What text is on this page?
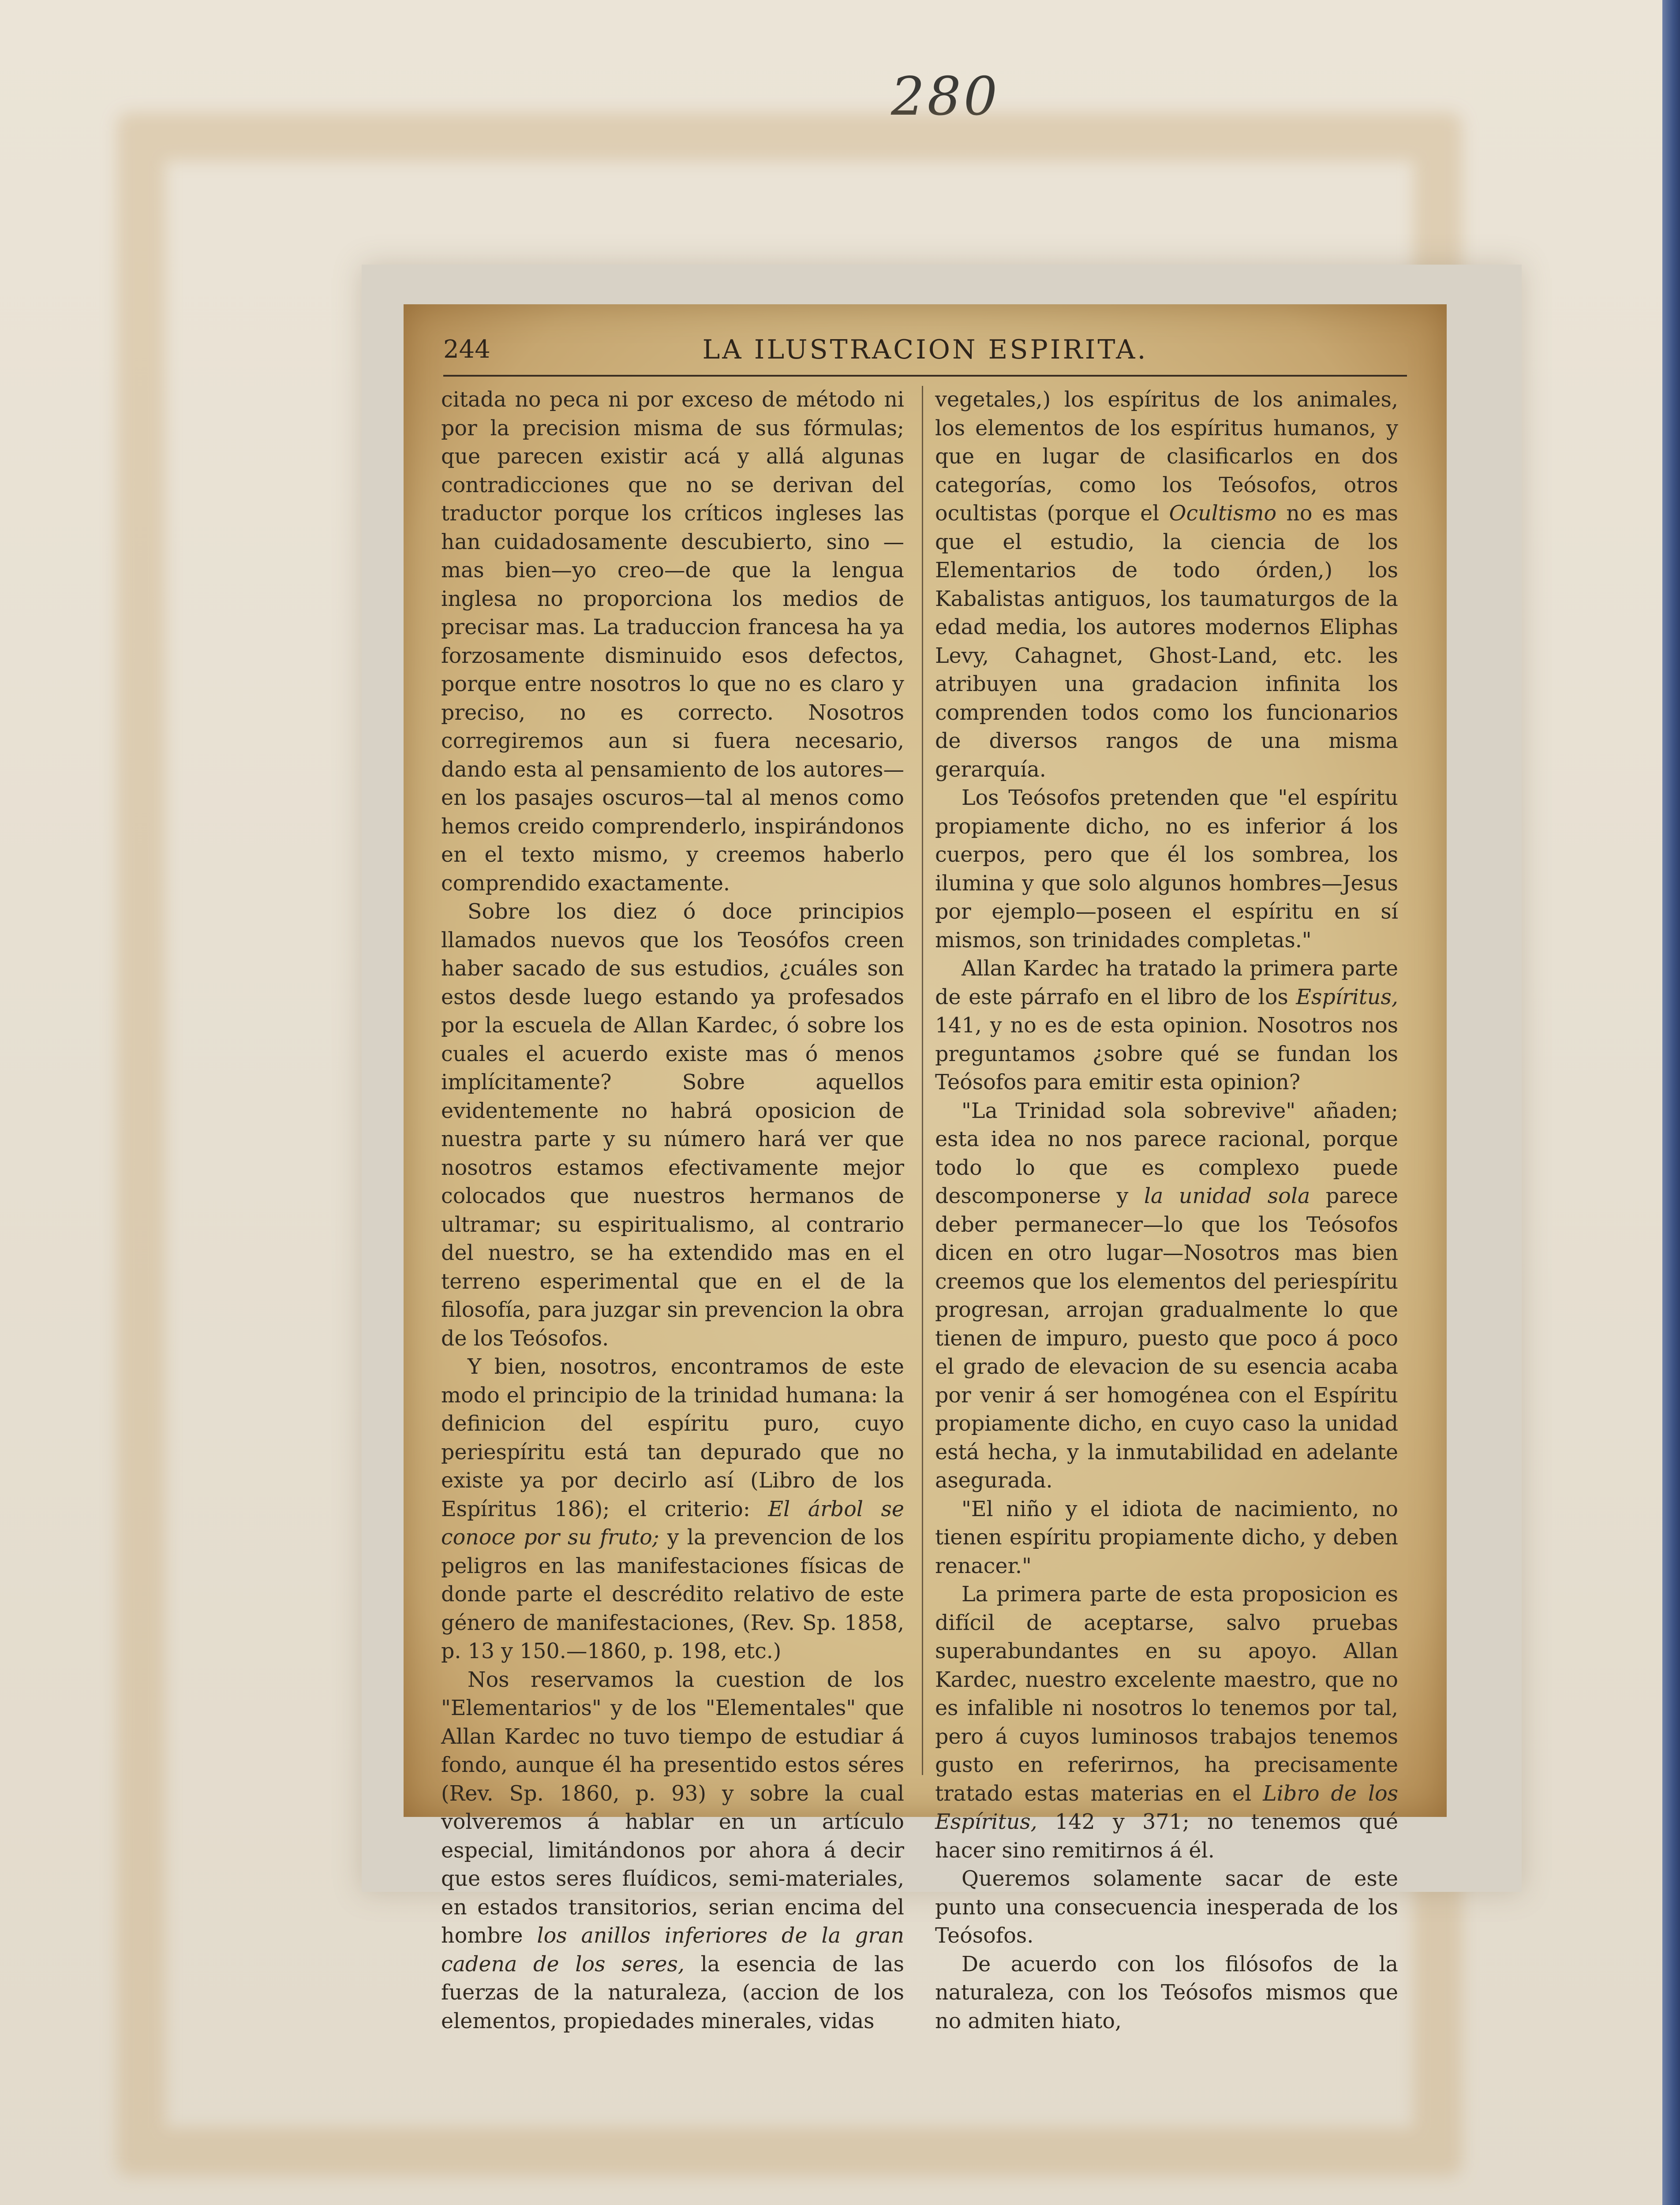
280
244	LA ILUSTRACION ESPIRITA.

citada no peca ni por exceso de método ni por la precision misma de sus fórmulas; que parecen existir acá y allá algunas contradicciones que no se derivan del traductor porque los críticos ingleses las han cuidadosamente descubierto, sino —mas bien—yo creo—de que la lengua inglesa no proporciona los medios de precisar mas. La traduccion francesa ha ya forzosamente disminuido esos defectos, porque entre nosotros lo que no es claro y preciso, no es correcto. Nosotros corregiremos aun si fuera necesario, dando esta al pensamiento de los autores—en los pasajes oscuros—tal al menos como hemos creido comprenderlo, inspirándonos en el texto mismo, y creemos haberlo comprendido exactamente.

Sobre los diez ó doce principios llamados nuevos que los Teosófos creen haber sacado de sus estudios, ¿cuáles son estos desde luego estando ya profesados por la escuela de Allan Kardec, ó sobre los cuales el acuerdo existe mas ó menos implícitamente? Sobre aquellos evidentemente no habrá oposicion de nuestra parte y su número hará ver que nosotros estamos efectivamente mejor colocados que nuestros hermanos de ultramar; su espiritualismo, al contrario del nuestro, se ha extendido mas en el terreno esperimental que en el de la filosofía, para juzgar sin prevencion la obra de los Teósofos.

Y bien, nosotros, encontramos de este modo el principio de la trinidad humana: la definicion del espíritu puro, cuyo periespíritu está tan depurado que no existe ya por decirlo así (Libro de los Espíritus 186); el criterio: El árbol se conoce por su fruto; y la prevencion de los peligros en las manifestaciones físicas de donde parte el descrédito relativo de este género de manifestaciones, (Rev. Sp. 1858, p. 13 y 150.—1860, p. 198, etc.)

Nos reservamos la cuestion de los "Elementarios" y de los "Elementales" que Allan Kardec no tuvo tiempo de estudiar á fondo, aunque él ha presentido estos séres (Rev. Sp. 1860, p. 93) y sobre la cual volveremos á hablar en un artículo especial, limitándonos por ahora á decir que estos seres fluídicos, semi-materiales, en estados transitorios, serian encima del hombre los anillos inferiores de la gran cadena de los seres, la esencia de las fuerzas de la naturaleza, (accion de los elementos, propiedades minerales, vidas

vegetales,) los espíritus de los animales, los elementos de los espíritus humanos, y que en lugar de clasificarlos en dos categorías, como los Teósofos, otros ocultistas (porque el Ocultismo no es mas que el estudio, la ciencia de los Elementarios de todo órden,) los Kabalistas antiguos, los taumaturgos de la edad media, los autores modernos Eliphas Levy, Cahagnet, Ghost-Land, etc. les atribuyen una gradacion infinita los comprenden todos como los funcionarios de diversos rangos de una misma gerarquía.

Los Teósofos pretenden que "el espíritu propiamente dicho, no es inferior á los cuerpos, pero que él los sombrea, los ilumina y que solo algunos hombres—Jesus por ejemplo—poseen el espíritu en sí mismos, son trinidades completas."

Allan Kardec ha tratado la primera parte de este párrafo en el libro de los Espíritus, 141, y no es de esta opinion. Nosotros nos preguntamos ¿sobre qué se fundan los Teósofos para emitir esta opinion?

"La Trinidad sola sobrevive" añaden; esta idea no nos parece racional, porque todo lo que es complexo puede descomponerse y la unidad sola parece deber permanecer—lo que los Teósofos dicen en otro lugar—Nosotros mas bien creemos que los elementos del periespíritu progresan, arrojan gradualmente lo que tienen de impuro, puesto que poco á poco el grado de elevacion de su esencia acaba por venir á ser homogénea con el Espíritu propiamente dicho, en cuyo caso la unidad está hecha, y la inmutabilidad en adelante asegurada.

"El niño y el idiota de nacimiento, no tienen espíritu propiamente dicho, y deben renacer."

La primera parte de esta proposicion es difícil de aceptarse, salvo pruebas superabundantes en su apoyo. Allan Kardec, nuestro excelente maestro, que no es infalible ni nosotros lo tenemos por tal, pero á cuyos luminosos trabajos tenemos gusto en referirnos, ha precisamente tratado estas materias en el Libro de los Espíritus, 142 y 371; no tenemos qué hacer sino remitirnos á él.

Queremos solamente sacar de este punto una consecuencia inesperada de los Teósofos.

De acuerdo con los filósofos de la naturaleza, con los Teósofos mismos que no admiten hiato,
